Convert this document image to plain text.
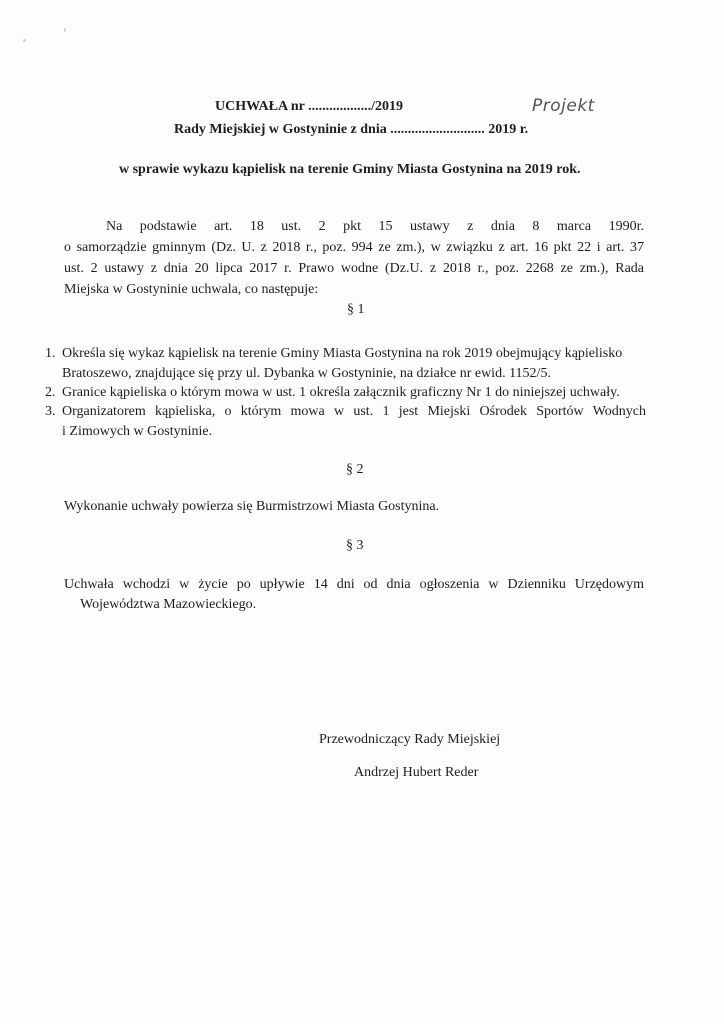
UCHWAŁA nr ................../2019	Projekt
Rady Miejskiej w Gostyninie z dnia ........................... 2019 r.
w sprawie wykazu kąpielisk na terenie Gminy Miasta Gostynina na 2019 rok.
Na podstawie art. 18 ust. 2 pkt 15 ustawy z dnia 8 marca 1990r.
o samorządzie gminnym (Dz. U. z 2018 r., poz. 994 ze zm.), w związku z art. 16 pkt 22 i art. 37
ust. 2 ustawy z dnia 20 lipca 2017 r. Prawo wodne (Dz.U. z 2018 r., poz. 2268 ze zm.), Rada
Miejska w Gostyninie uchwala, co następuje:
§ 1
1. Określa się wykaz kąpielisk na terenie Gminy Miasta Gostynina na rok 2019 obejmujący kąpielisko
Bratoszewo, znajdujące się przy ul. Dybanka w Gostyninie, na działce nr ewid. 1152/5.
2. Granice kąpieliska o którym mowa w ust. 1 określa załącznik graficzny Nr 1 do niniejszej uchwały.
3. Organizatorem kąpieliska, o którym mowa w ust. 1 jest Miejski Ośrodek Sportów Wodnych
i Zimowych w Gostyninie.
§ 2
Wykonanie uchwały powierza się Burmistrzowi Miasta Gostynina.
§ 3
Uchwała wchodzi w życie po upływie 14 dni od dnia ogłoszenia w Dzienniku Urzędowym
Województwa Mazowieckiego.
Przewodniczący Rady Miejskiej
Andrzej Hubert Reder
